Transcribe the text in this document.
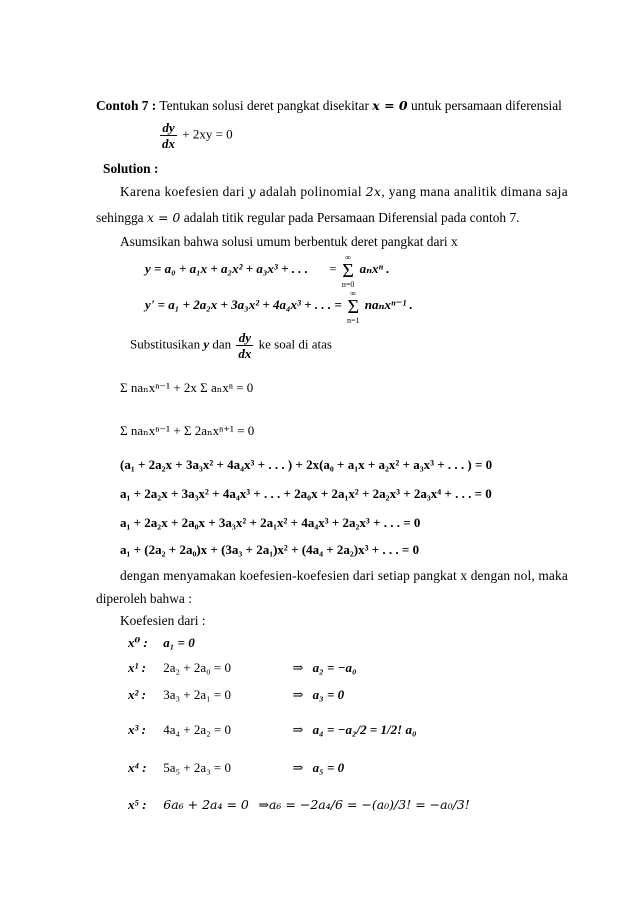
Contoh 7 : Tentukan solusi deret pangkat disekitar x = 0 untuk persamaan diferensial
$\frac{dy}{dx} + 2xy = 0$
Solution :
Karena koefesien dari y adalah polinomial 2x, yang mana analitik dimana saja
sehingga x = 0 adalah titik regular pada Persamaan Diferensial pada contoh 7.
Asumsikan bahwa solusi umum berbentuk deret pangkat dari x
y = a₀ + a₁x + a₂x² + a₃x³ + . . . =
∞
Σ
n=0
aₙxⁿ .
y' = a₁ + 2a₂x + 3a₃x² + 4a₄x³ + . . . =
∞
Σ
n=1
naₙxⁿ⁻¹ .
Substitusikan y dan $\frac{dy}{dx}$ ke soal di atas
Σ naₙxⁿ⁻¹ + 2x Σ aₙxⁿ = 0
Σ naₙxⁿ⁻¹ + Σ 2aₙxⁿ⁺¹ = 0
(a₁ + 2a₂x + 3a₃x² + 4a₄x³ + . . . ) + 2x(a₀ + a₁x + a₂x² + a₃x³ + . . . ) = 0
a₁ + 2a₂x + 3a₃x² + 4a₄x³ + . . . + 2a₀x + 2a₁x² + 2a₂x³ + 2a₃x⁴ + . . . = 0
a₁ + 2a₂x + 2a₀x + 3a₃x² + 2a₁x² + 4a₄x³ + 2a₂x³ + . . . = 0
a₁ + (2a₂ + 2a₀)x + (3a₃ + 2a₁)x² + (4a₄ + 2a₂)x³ + . . . = 0
dengan menyamakan koefesien-koefesien dari setiap pangkat x dengan nol, maka
diperoleh bahwa :
Koefesien dari :
x⁰ : a₁ = 0
x¹ : 2a₂ + 2a₀ = 0	⇒ a₂ = −a₀
x² : 3a₃ + 2a₁ = 0	⇒ a₃ = 0
x³ : 4a₄ + 2a₂ = 0	⇒ a₄ = −a₂/2 = 1/2! a₀
x⁴ : 5a₅ + 2a₃ = 0	⇒ a₅ = 0
x⁵ : 6a₆ + 2a₄ = 0 ⇒a₆ = −2a₄/6 = −(a₀)/3! = −a₀/3!
